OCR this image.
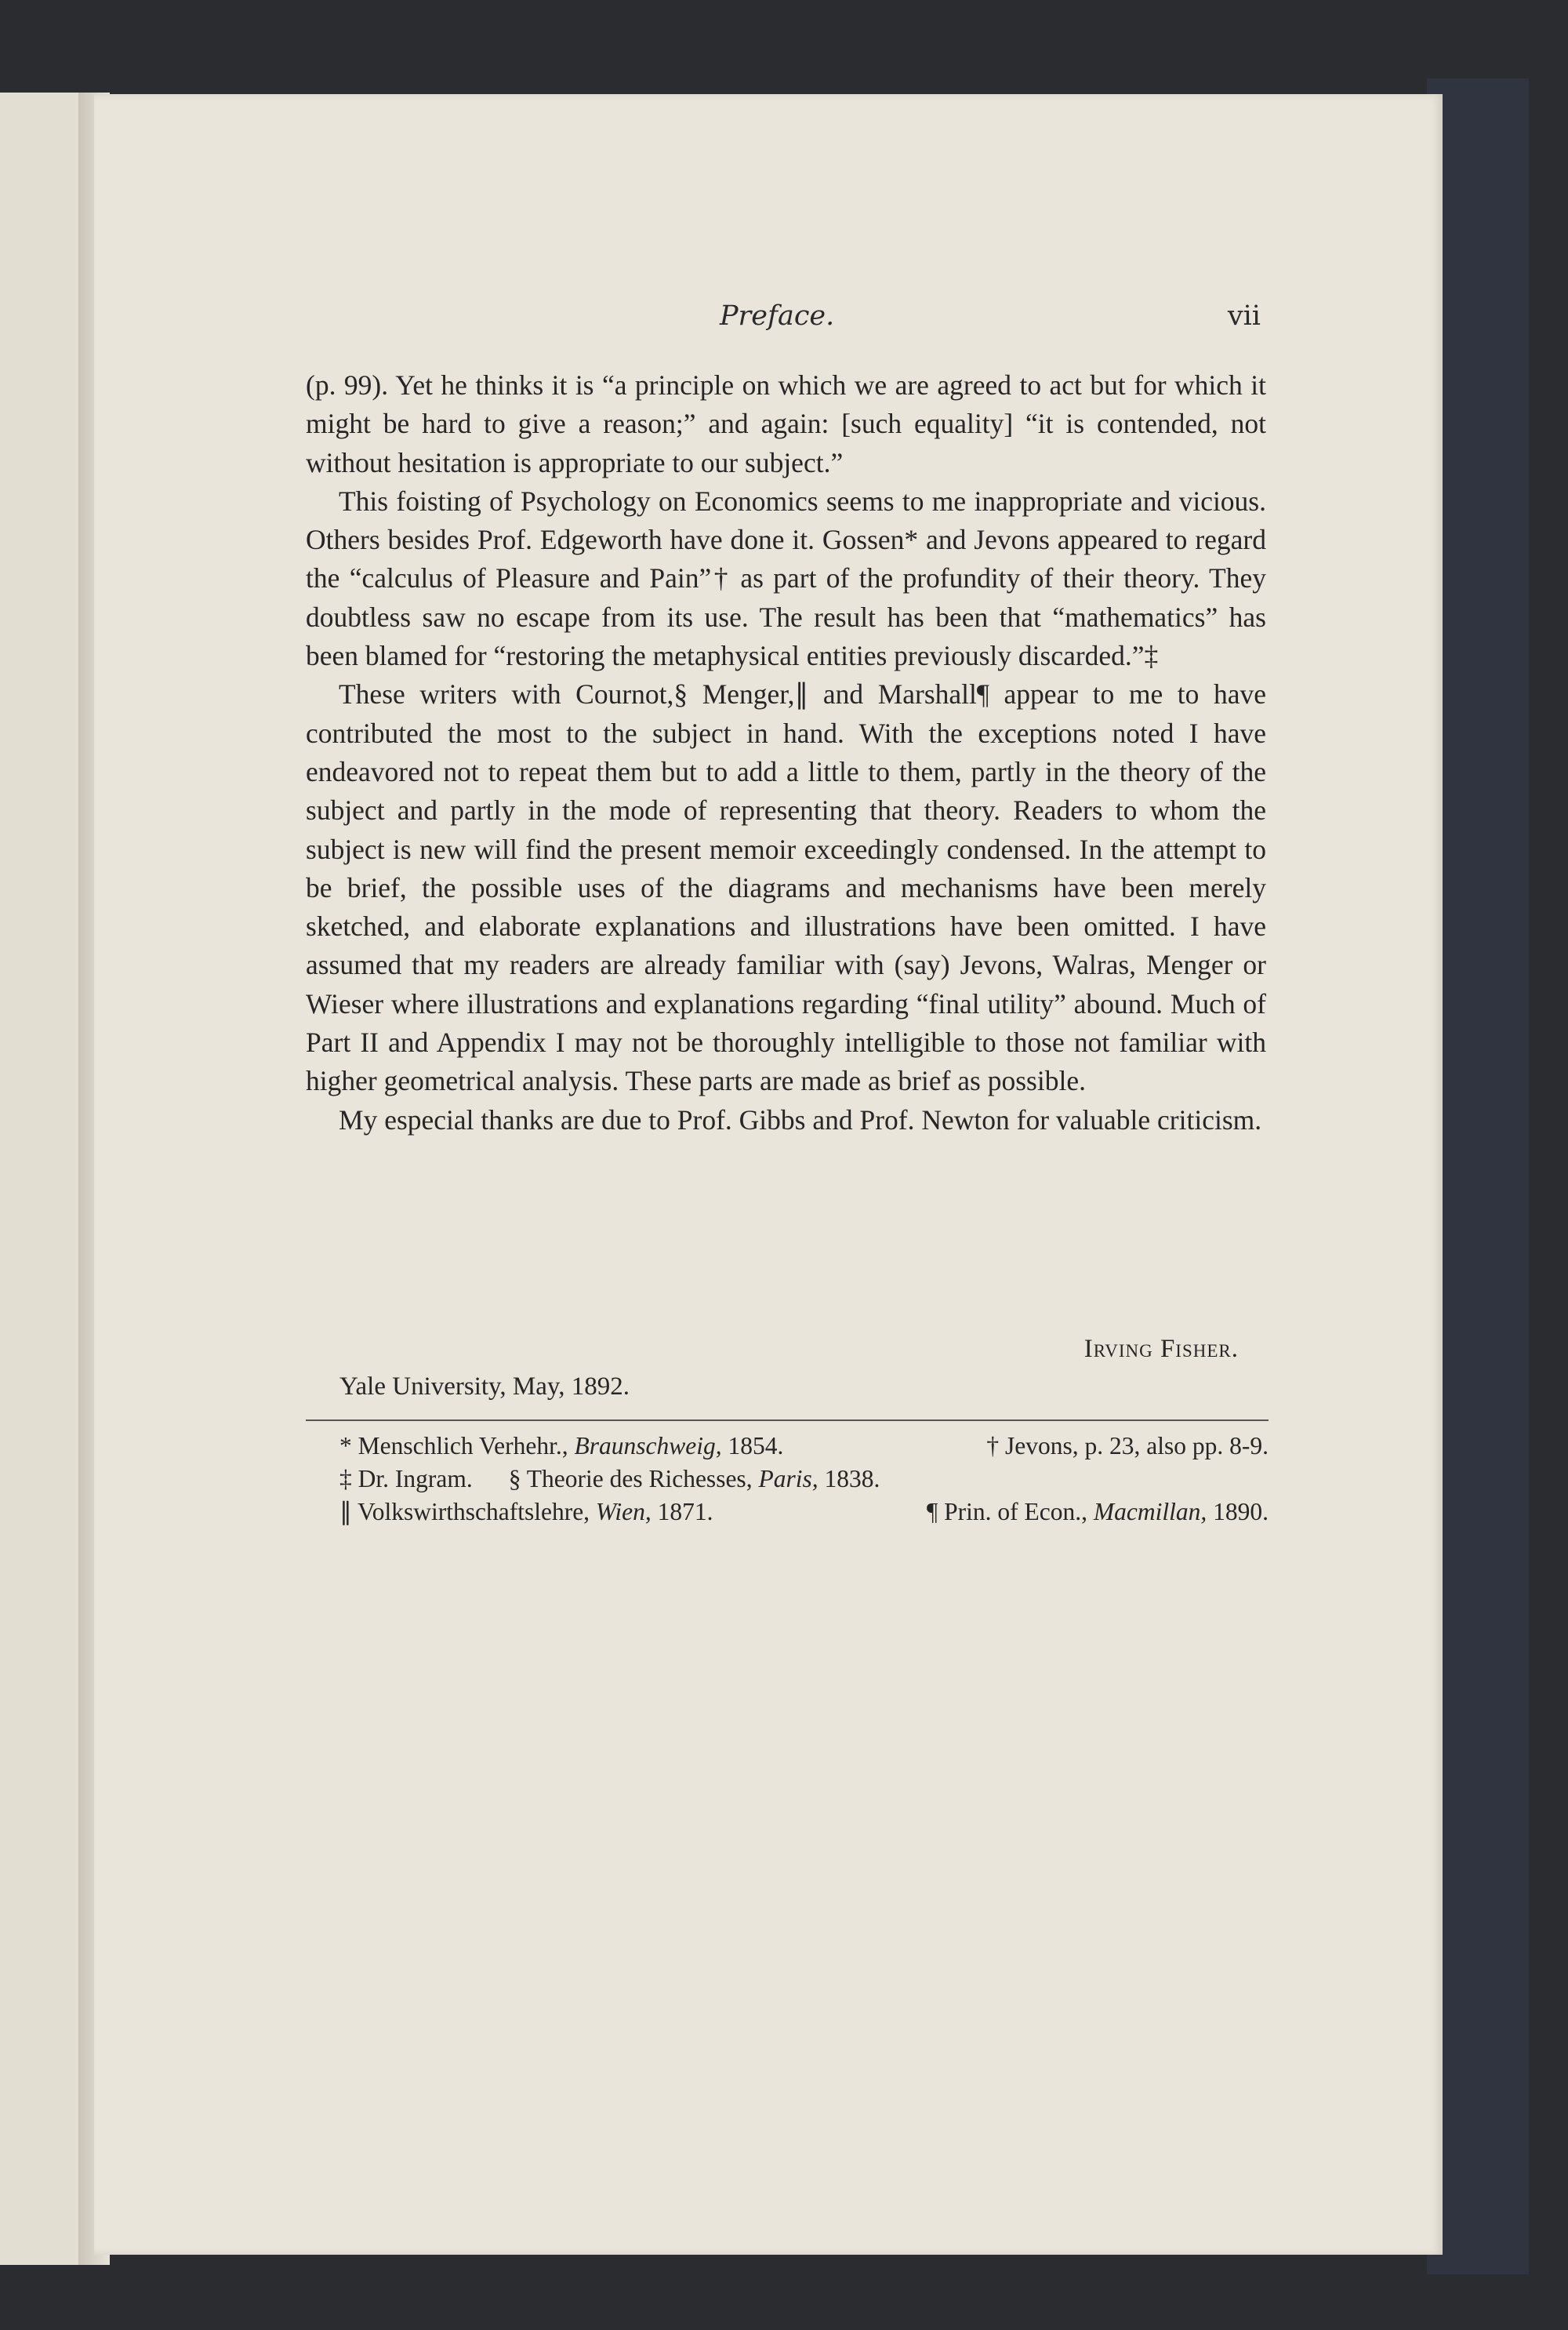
Preface.	vii

(p. 99). Yet he thinks it is “a principle on which we are agreed to act but for which it might be hard to give a reason;” and again: [such equality] “it is contended, not without hesitation is appropriate to our subject.”

This foisting of Psychology on Economics seems to me inappropriate and vicious. Others besides Prof. Edgeworth have done it. Gossen* and Jevons appeared to regard the “calculus of Pleasure and Pain”† as part of the profundity of their theory. They doubtless saw no escape from its use. The result has been that “mathematics” has been blamed for “restoring the metaphysical entities previously discarded.”‡

These writers with Cournot,§ Menger,∥ and Marshall¶ appear to me to have contributed the most to the subject in hand. With the exceptions noted I have endeavored not to repeat them but to add a little to them, partly in the theory of the subject and partly in the mode of representing that theory. Readers to whom the subject is new will find the present memoir exceedingly condensed. In the attempt to be brief, the possible uses of the diagrams and mechanisms have been merely sketched, and elaborate explanations and illustrations have been omitted. I have assumed that my readers are already familiar with (say) Jevons, Walras, Menger or Wieser where illustrations and explanations regarding “final utility” abound. Much of Part II and Appendix I may not be thoroughly intelligible to those not familiar with higher geometrical analysis. These parts are made as brief as possible.

My especial thanks are due to Prof. Gibbs and Prof. Newton for valuable criticism.

Irving Fisher.
Yale University, May, 1892.
* Menschlich Verhehr., Braunschweig, 1854.	† Jevons, p. 23, also pp. 8-9.
‡ Dr. Ingram. § Theorie des Richesses, Paris, 1838.
∥ Volkswirthschaftslehre, Wien, 1871.	¶ Prin. of Econ., Macmillan, 1890.
